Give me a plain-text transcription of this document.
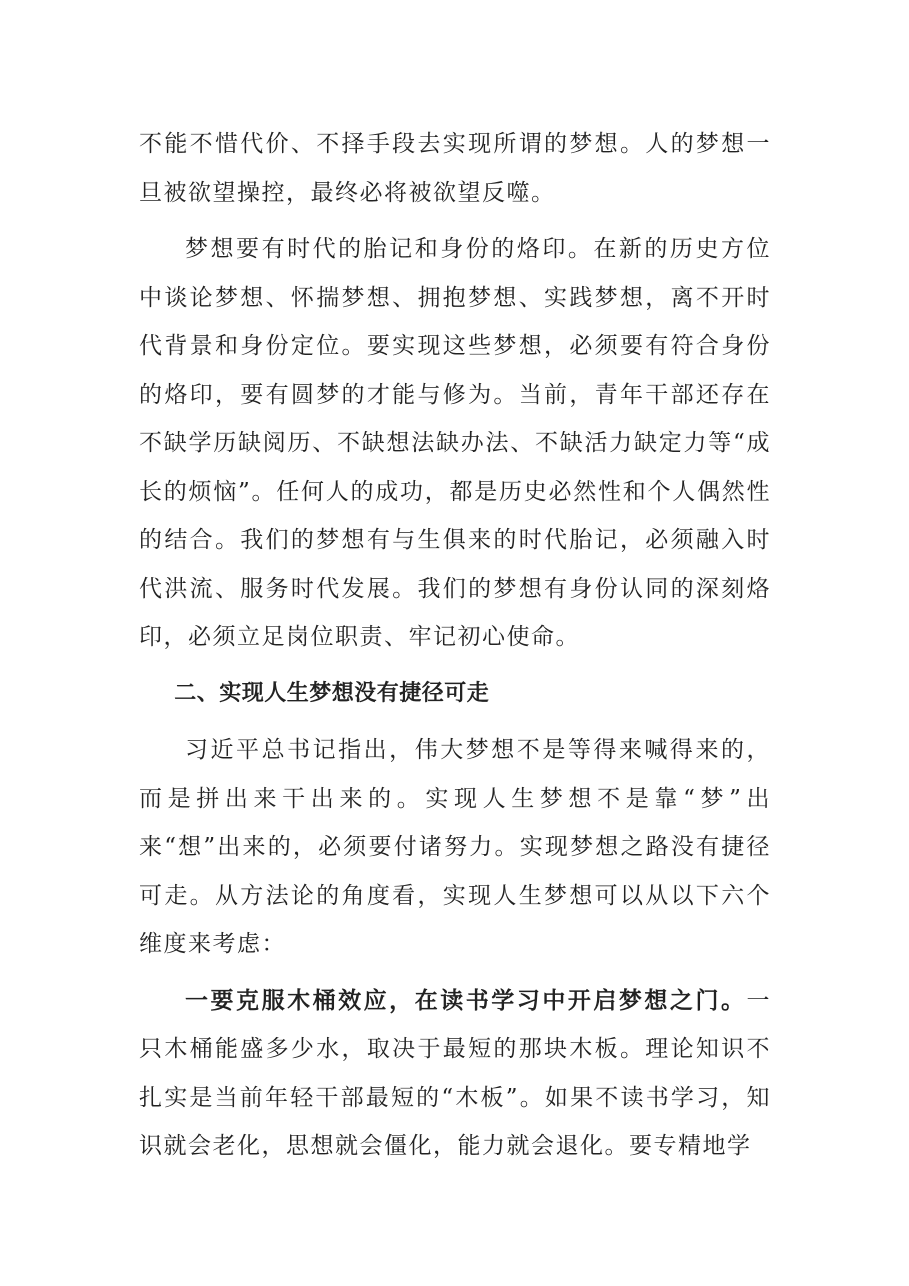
不能不惜代价、不择手段去实现所谓的梦想。人的梦想一旦被欲望操控，最终必将被欲望反噬。

梦想要有时代的胎记和身份的烙印。在新的历史方位中谈论梦想、怀揣梦想、拥抱梦想、实践梦想，离不开时代背景和身份定位。要实现这些梦想，必须要有符合身份的烙印，要有圆梦的才能与修为。当前，青年干部还存在不缺学历缺阅历、不缺想法缺办法、不缺活力缺定力等“成长的烦恼”。任何人的成功，都是历史必然性和个人偶然性的结合。我们的梦想有与生俱来的时代胎记，必须融入时代洪流、服务时代发展。我们的梦想有身份认同的深刻烙印，必须立足岗位职责、牢记初心使命。

二、实现人生梦想没有捷径可走

习近平总书记指出，伟大梦想不是等得来喊得来的，而是拼出来干出来的。实现人生梦想不是靠“梦”出来“想”出来的，必须要付诸努力。实现梦想之路没有捷径可走。从方法论的角度看，实现人生梦想可以从以下六个维度来考虑：

一要克服木桶效应，在读书学习中开启梦想之门。一只木桶能盛多少水，取决于最短的那块木板。理论知识不扎实是当前年轻干部最短的“木板”。如果不读书学习，知识就会老化，思想就会僵化，能力就会退化。要专精地学
